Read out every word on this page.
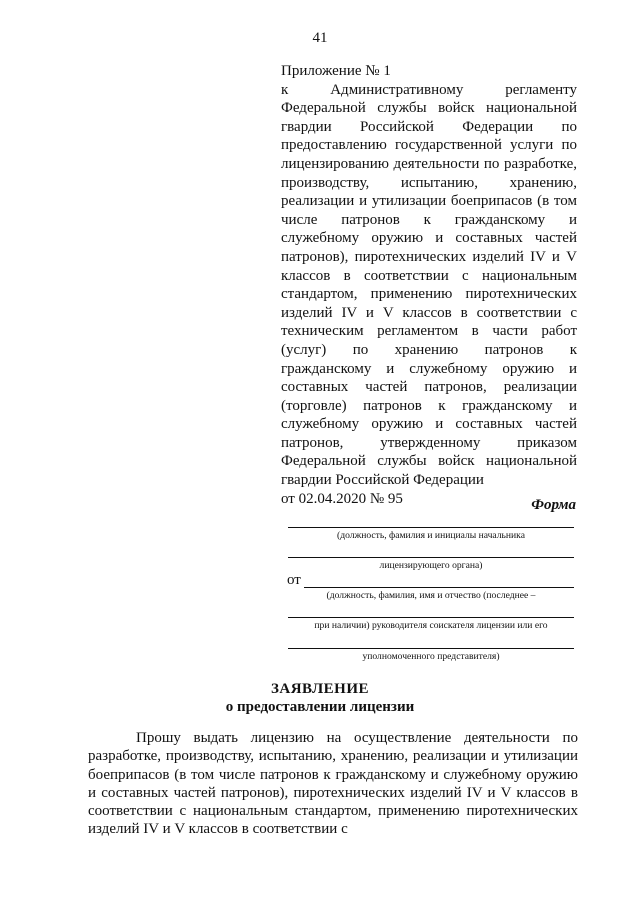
41
Приложение № 1
к Административному регламенту Федеральной службы войск национальной гвардии Российской Федерации по предоставлению государственной услуги по лицензированию деятельности по разработке, производству, испытанию, хранению, реализации и утилизации боеприпасов (в том числе патронов к гражданскому и служебному оружию и составных частей патронов), пиротехнических изделий IV и V классов в соответствии с национальным стандартом, применению пиротехнических изделий IV и V классов в соответствии с техническим регламентом в части работ (услуг) по хранению патронов к гражданскому и служебному оружию и составных частей патронов, реализации (торговле) патронов к гражданскому и служебному оружию и составных частей патронов, утвержденному приказом Федеральной службы войск национальной гвардии Российской Федерации
от 02.04.2020 № 95	Форма
(должность, фамилия и инициалы начальника
лицензирующего органа)
от
(должность, фамилия, имя и отчество (последнее –
при наличии) руководителя соискателя лицензии или его
уполномоченного представителя)
ЗАЯВЛЕНИЕ
о предоставлении лицензии
Прошу выдать лицензию на осуществление деятельности по разработке, производству, испытанию, хранению, реализации и утилизации боеприпасов (в том числе патронов к гражданскому и служебному оружию и составных частей патронов), пиротехнических изделий IV и V классов в соответствии с национальным стандартом, применению пиротехнических изделий IV и V классов в соответствии с
